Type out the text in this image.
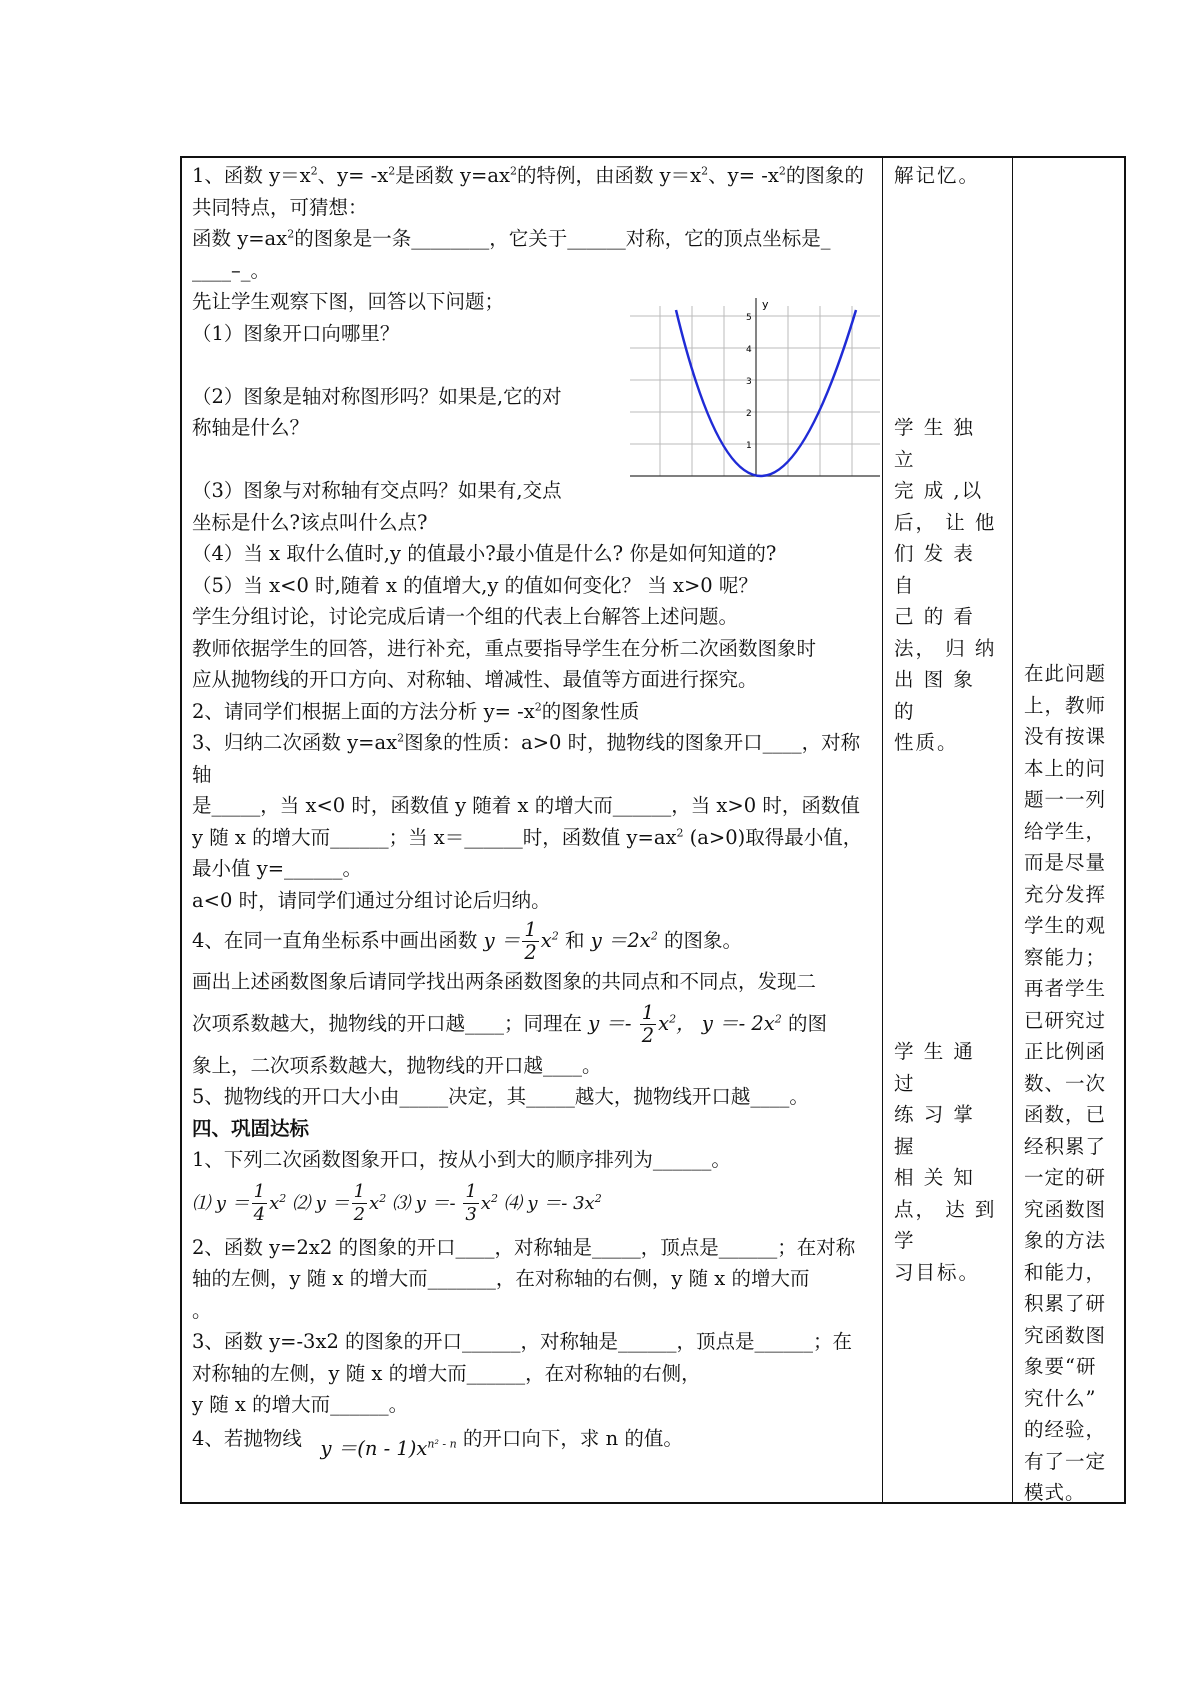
1、函数 $y=x^2$、$y= -x^2$是函数 $y=ax^2$的特例，由函数 $y=x^2$、$y= -x^2$的图象的
共同特点，可猜想：
函数 $y=ax^2$的图象是一条________，它关于______对称，它的顶点坐标是_
____–_。
先让学生观察下图，回答以下问题；
（1）图象开口向哪里？
（2）图象是轴对称图形吗？如果是,它的对
称轴是什么？
（3）图象与对称轴有交点吗？如果有,交点
坐标是什么?该点叫什么点?
（4）当 x 取什么值时,y 的值最小?最小值是什么? 你是如何知道的?
（5）当 x<0 时,随着 x 的值增大,y 的值如何变化？ 当 x>0 呢？
学生分组讨论，讨论完成后请一个组的代表上台解答上述问题。
教师依据学生的回答，进行补充，重点要指导学生在分析二次函数图象时
应从抛物线的开口方向、对称轴、增减性、最值等方面进行探究。
2、请同学们根据上面的方法分析 $y= -x^2$的图象性质
3、归纳二次函数 $y=ax^2$图象的性质：a>0 时，抛物线的图象开口____，对称
轴
是_____，当 x<0 时，函数值 y 随着 x 的增大而______，当 x>0 时，函数值
y 随 x 的增大而______；当 x＝______时，函数值 $y=ax^2$ (a>0)取得最小值，
最小值 y=______。
a<0 时，请同学们通过分组讨论后归纳。
4、在同一直角坐标系中画出函数 $y = \frac{1}{2} x^2$ 和 $y =2x^2$ 的图象。
画出上述函数图象后请同学找出两条函数图象的共同点和不同点，发现二
次项系数越大，抛物线的开口越____；同理在 $y =- \frac{1}{2} x^2$， $y =- 2x^2$ 的图
象上，二次项系数越大，抛物线的开口越____。
5、抛物线的开口大小由_____决定，其_____越大，抛物线开口越____。
四、巩固达标
1、下列二次函数图象开口，按从小到大的顺序排列为______。
⑴ $y = \frac{1}{4} x^2$ ⑵ $y = \frac{1}{2} x^2$ ⑶ $y =- \frac{1}{3} x^2$ ⑷ $y =- 3x^2$
2、函数 y=2x2 的图象的开口____，对称轴是_____，顶点是______；在对称
轴的左侧，y 随 x 的增大而_______，在对称轴的右侧，y 随 x 的增大而
。
3、函数 y=-3x2 的图象的开口______，对称轴是______，顶点是______；在
对称轴的左侧，y 随 x 的增大而______，在对称轴的右侧，
y 随 x 的增大而______。
4、若抛物线   $y =(n - 1)x^{n^2 - n}$ 的开口向下，求 n 的值。
y
1
2
3
4
5
解记忆。
学 生 独 立
完 成 ,以
后， 让 他
们 发 表 自
己 的 看
法， 归 纳
出 图 象 的
性质。
学 生 通 过
练 习 掌 握
相 关 知
点， 达 到
学
习目标。
在此问题
上，教师
没有按课
本上的问
题一一列
给学生，
而是尽量
充分发挥
学生的观
察能力；
再者学生
已研究过
正比例函
数、一次
函数，已
经积累了
一定的研
究函数图
象的方法
和能力，
积累了研
究函数图
象要“研
究什么”
的经验，
有了一定
模式。
